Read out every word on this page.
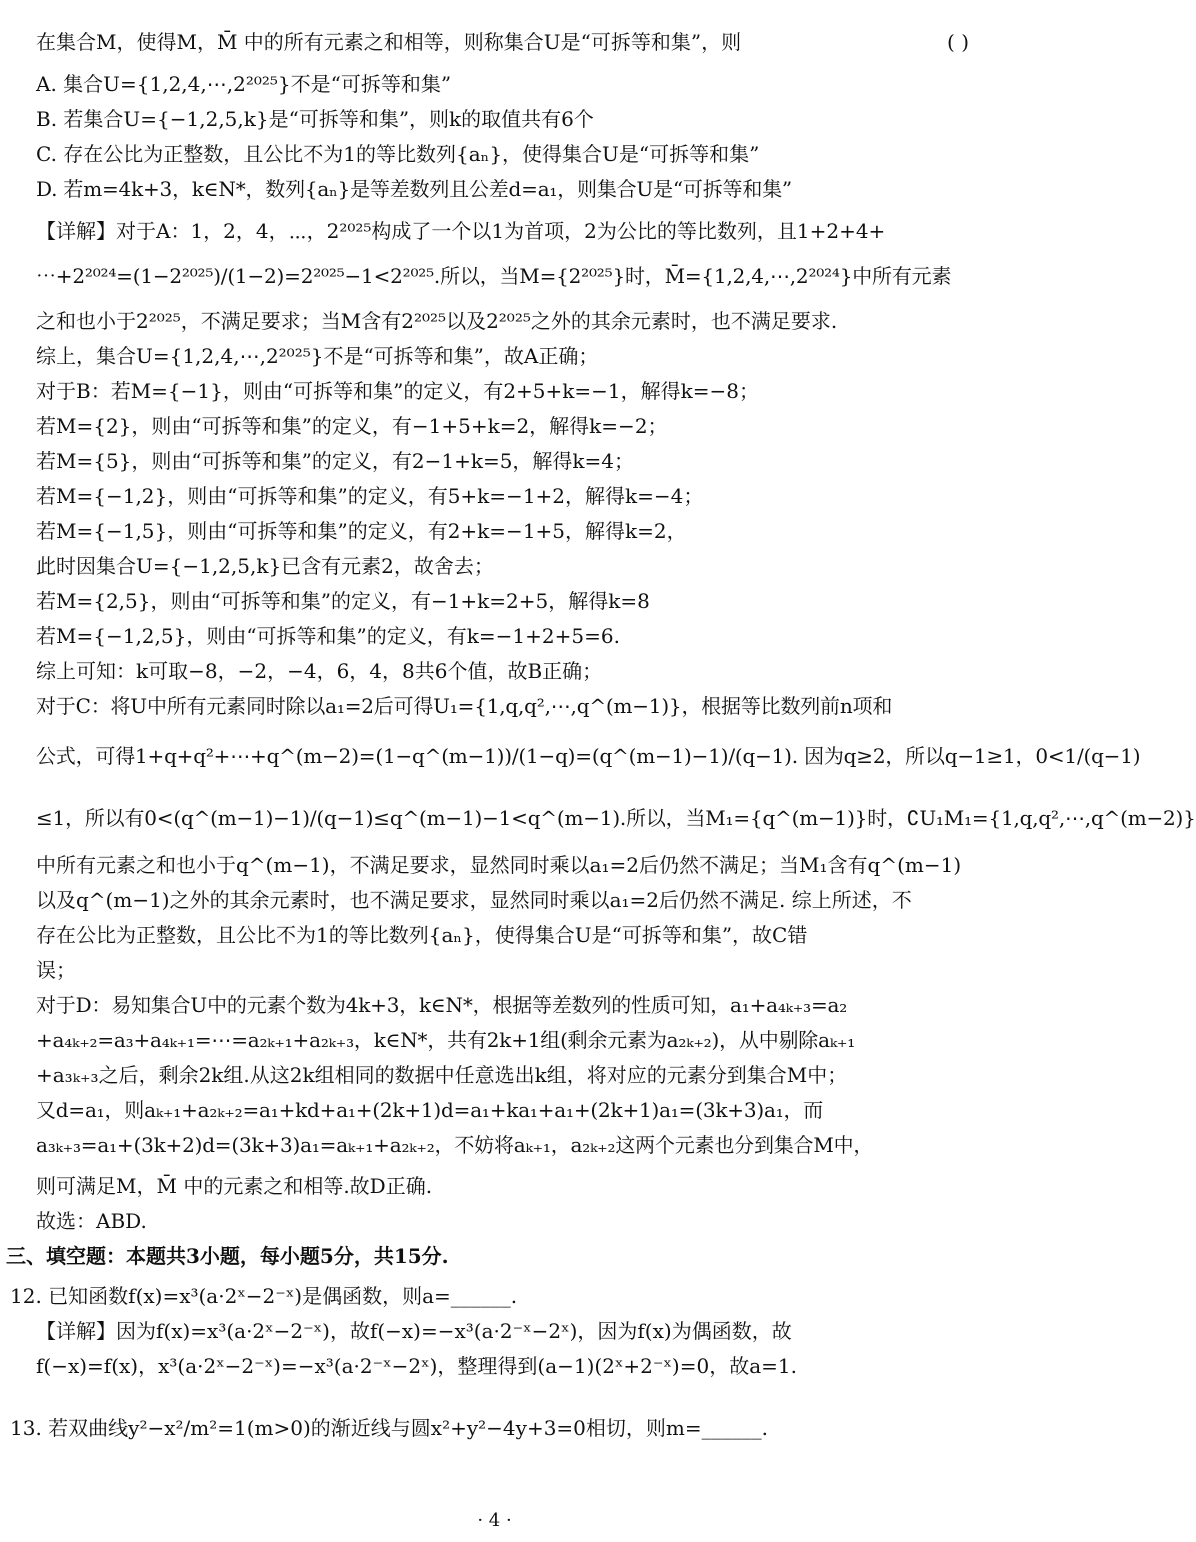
在集合M，使得M，M̄ 中的所有元素之和相等，则称集合U是“可拆等和集”，则	( )
A. 集合U={1,2,4,⋯,2²⁰²⁵}不是“可拆等和集”
B. 若集合U={−1,2,5,k}是“可拆等和集”，则k的取值共有6个
C. 存在公比为正整数，且公比不为1的等比数列{aₙ}，使得集合U是“可拆等和集”
D. 若m=4k+3，k∈N*，数列{aₙ}是等差数列且公差d=a₁，则集合U是“可拆等和集”
【详解】对于A：1，2，4，⋯，2²⁰²⁵构成了一个以1为首项，2为公比的等比数列，且1+2+4+
⋯+2²⁰²⁴=(1−2²⁰²⁵)/(1−2)=2²⁰²⁵−1<2²⁰²⁵.所以，当M={2²⁰²⁵}时，M̄={1,2,4,⋯,2²⁰²⁴}中所有元素
之和也小于2²⁰²⁵，不满足要求；当M含有2²⁰²⁵以及2²⁰²⁵之外的其余元素时，也不满足要求.
综上，集合U={1,2,4,⋯,2²⁰²⁵}不是“可拆等和集”，故A正确；
对于B：若M={−1}，则由“可拆等和集”的定义，有2+5+k=−1，解得k=−8；
若M={2}，则由“可拆等和集”的定义，有−1+5+k=2，解得k=−2；
若M={5}，则由“可拆等和集”的定义，有2−1+k=5，解得k=4；
若M={−1,2}，则由“可拆等和集”的定义，有5+k=−1+2，解得k=−4；
若M={−1,5}，则由“可拆等和集”的定义，有2+k=−1+5，解得k=2，
此时因集合U={−1,2,5,k}已含有元素2，故舍去；
若M={2,5}，则由“可拆等和集”的定义，有−1+k=2+5，解得k=8
若M={−1,2,5}，则由“可拆等和集”的定义，有k=−1+2+5=6.
综上可知：k可取−8，−2，−4，6，4，8共6个值，故B正确；
对于C：将U中所有元素同时除以a₁=2后可得U₁={1,q,q²,⋯,q^(m−1)}，根据等比数列前n项和
公式，可得1+q+q²+⋯+q^(m−2)=(1−q^(m−1))/(1−q)=(q^(m−1)−1)/(q−1). 因为q≥2，所以q−1≥1，0<1/(q−1)
≤1，所以有0<(q^(m−1)−1)/(q−1)≤q^(m−1)−1<q^(m−1).所以，当M₁={q^(m−1)}时，∁U₁M₁={1,q,q²,⋯,q^(m−2)}
中所有元素之和也小于q^(m−1)，不满足要求，显然同时乘以a₁=2后仍然不满足；当M₁含有q^(m−1)
以及q^(m−1)之外的其余元素时，也不满足要求，显然同时乘以a₁=2后仍然不满足. 综上所述，不
存在公比为正整数，且公比不为1的等比数列{aₙ}，使得集合U是“可拆等和集”，故C错
误；
对于D：易知集合U中的元素个数为4k+3，k∈N*，根据等差数列的性质可知，a₁+a₄ₖ₊₃=a₂
+a₄ₖ₊₂=a₃+a₄ₖ₊₁=⋯=a₂ₖ₊₁+a₂ₖ₊₃，k∈N*，共有2k+1组(剩余元素为a₂ₖ₊₂)，从中剔除aₖ₊₁
+a₃ₖ₊₃之后，剩余2k组.从这2k组相同的数据中任意选出k组，将对应的元素分到集合M中；
又d=a₁，则aₖ₊₁+a₂ₖ₊₂=a₁+kd+a₁+(2k+1)d=a₁+ka₁+a₁+(2k+1)a₁=(3k+3)a₁，而
a₃ₖ₊₃=a₁+(3k+2)d=(3k+3)a₁=aₖ₊₁+a₂ₖ₊₂，不妨将aₖ₊₁，a₂ₖ₊₂这两个元素也分到集合M中，
则可满足M，M̄ 中的元素之和相等.故D正确.
故选：ABD.
三、填空题：本题共3小题，每小题5分，共15分.
12. 已知函数f(x)=x³(a·2ˣ−2⁻ˣ)是偶函数，则a=______.
【详解】因为f(x)=x³(a·2ˣ−2⁻ˣ)，故f(−x)=−x³(a·2⁻ˣ−2ˣ)，因为f(x)为偶函数，故
f(−x)=f(x)，x³(a·2ˣ−2⁻ˣ)=−x³(a·2⁻ˣ−2ˣ)，整理得到(a−1)(2ˣ+2⁻ˣ)=0，故a=1.
13. 若双曲线y²−x²/m²=1(m>0)的渐近线与圆x²+y²−4y+3=0相切，则m=______.
· 4 ·
